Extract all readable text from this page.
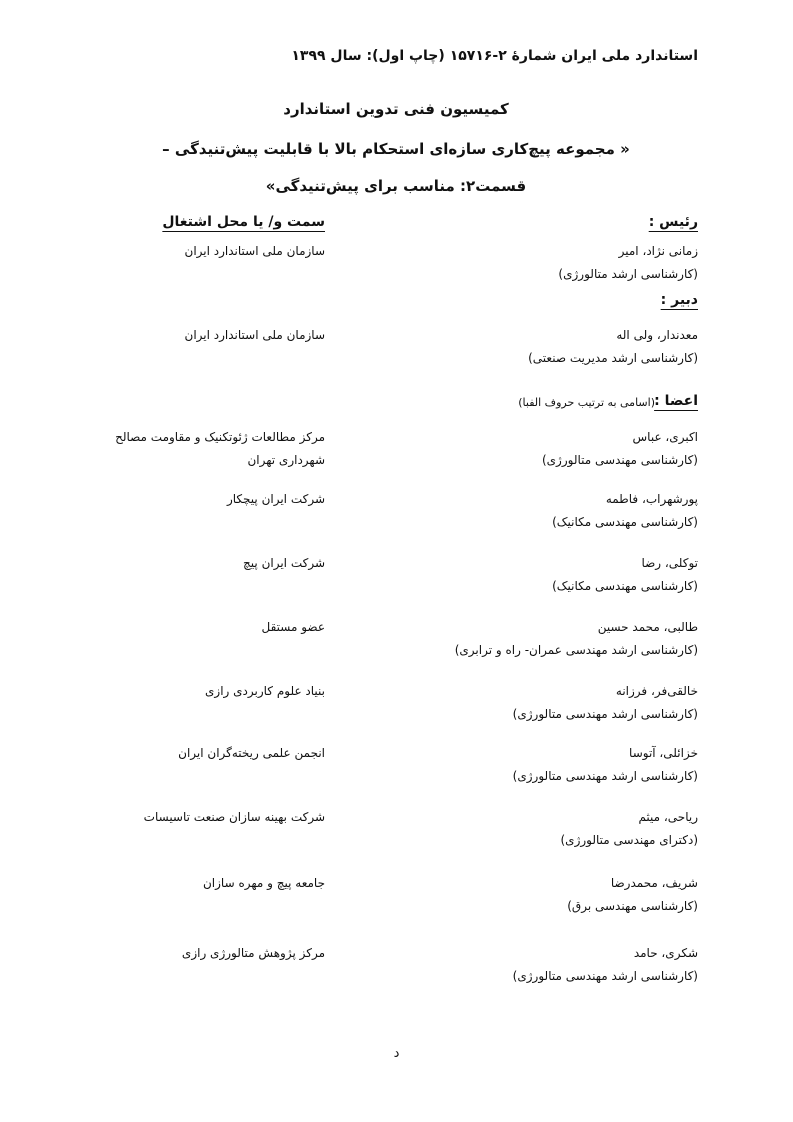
استاندارد ملی ایران شمارۀ ۲-۱۵۷۱۶ (چاپ اول): سال ۱۳۹۹
کمیسیون فنی تدوین استاندارد
« مجموعه پیچ‌کاری سازه‌ای استحکام بالا با قابلیت پیش‌تنیدگی –
قسمت۲: مناسب برای پیش‌تنیدگی»
رئیس :
سمت و/ یا محل اشتغال
زمانی نژاد، امیر
(کارشناسی ارشد متالورژی)
سازمان ملی استاندارد ایران
دبیر :
معدندار، ولی اله
(کارشناسی ارشد مدیریت صنعتی)
سازمان ملی استاندارد ایران
اعضا :
(اسامی به ترتیب حروف الفبا)
اکبری، عباس
(کارشناسی مهندسی متالورژی)
مرکز مطالعات ژئوتکنیک و مقاومت مصالح شهرداری تهران
پورشهراب، فاطمه
(کارشناسی مهندسی مکانیک)
شرکت ایران پیچکار
توکلی، رضا
(کارشناسی مهندسی مکانیک)
شرکت ایران پیچ
طالبی، محمد حسین
(کارشناسی ارشد مهندسی عمران- راه و ترابری)
عضو مستقل
خالقی‌فر، فرزانه
(کارشناسی ارشد مهندسی متالورژی)
بنیاد علوم کاربردی رازی
خزائلی، آتوسا
(کارشناسی ارشد مهندسی متالورژی)
انجمن علمی ریخته‌گران ایران
ریاحی، میثم
(دکترای مهندسی متالورژی)
شرکت بهینه سازان صنعت تاسیسات
شریف، محمدرضا
(کارشناسی مهندسی برق)
جامعه پیچ و مهره سازان
شکری، حامد
(کارشناسی ارشد مهندسی متالورژی)
مرکز پژوهش متالورژی رازی
د
